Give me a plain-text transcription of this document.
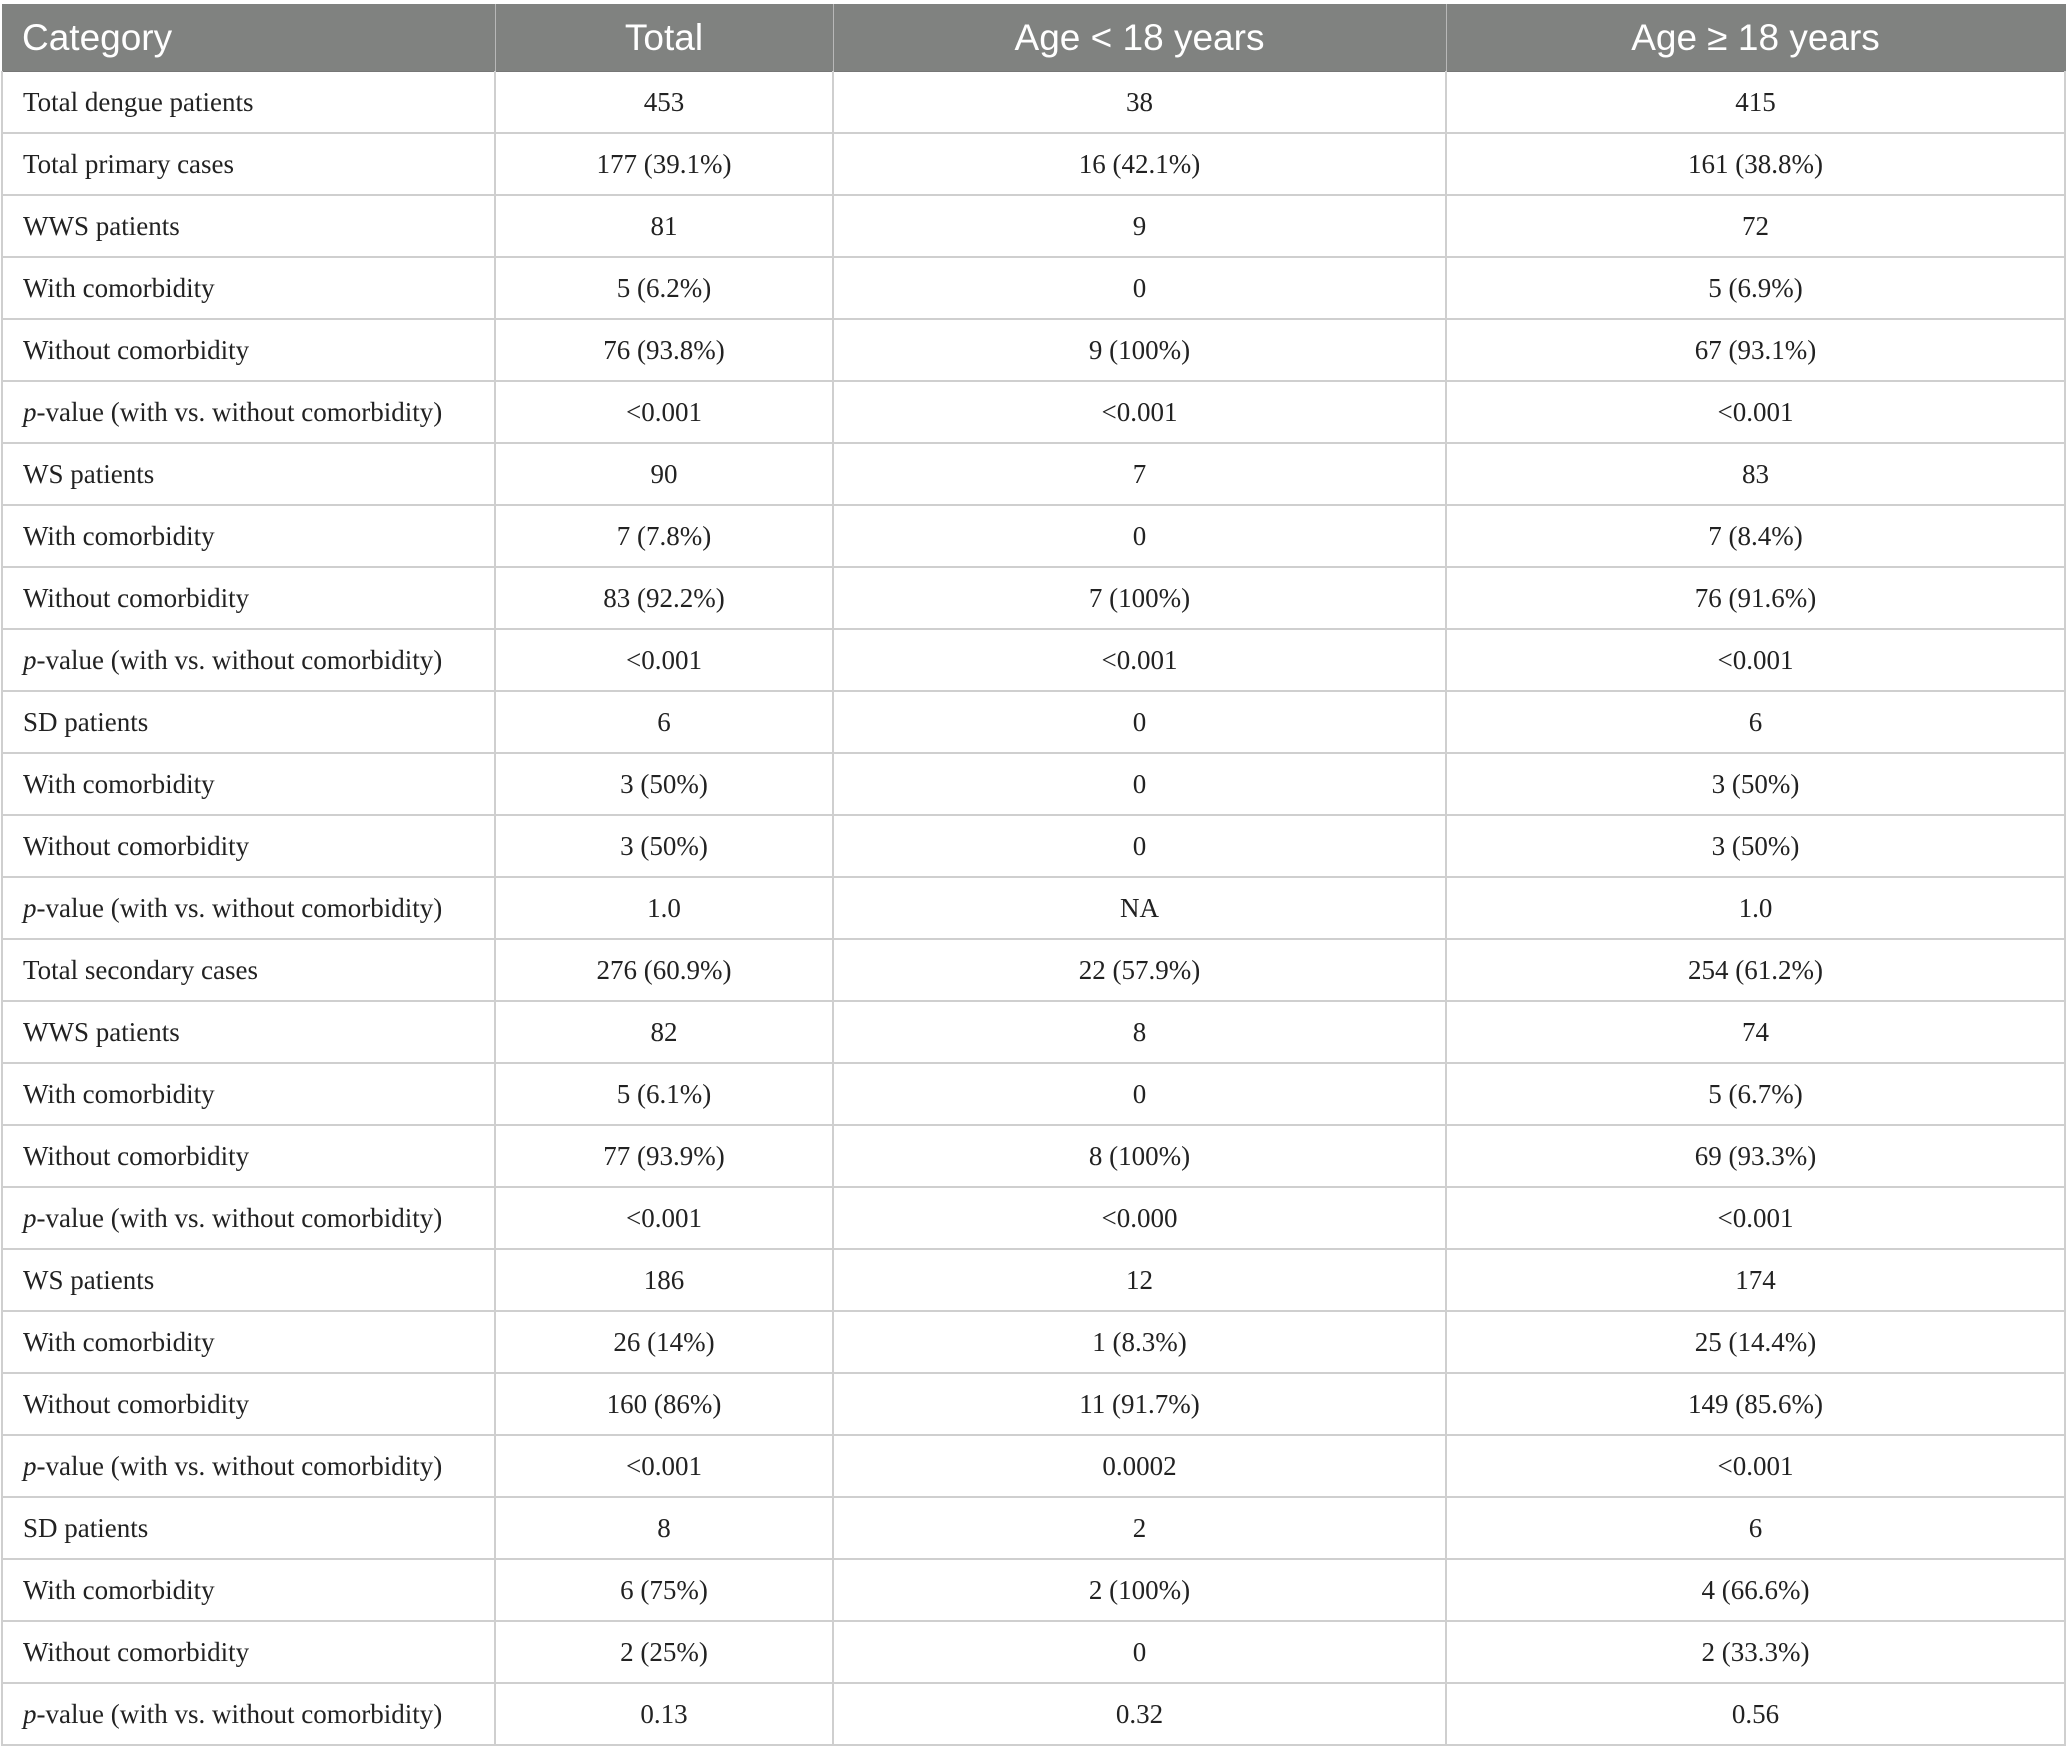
Category	Total	Age < 18 years	Age ≥ 18 years
Total dengue patients	453	38	415
Total primary cases	177 (39.1%)	16 (42.1%)	161 (38.8%)
WWS patients	81	9	72
With comorbidity	5 (6.2%)	0	5 (6.9%)
Without comorbidity	76 (93.8%)	9 (100%)	67 (93.1%)
p-value (with vs. without comorbidity)	<0.001	<0.001	<0.001
WS patients	90	7	83
With comorbidity	7 (7.8%)	0	7 (8.4%)
Without comorbidity	83 (92.2%)	7 (100%)	76 (91.6%)
p-value (with vs. without comorbidity)	<0.001	<0.001	<0.001
SD patients	6	0	6
With comorbidity	3 (50%)	0	3 (50%)
Without comorbidity	3 (50%)	0	3 (50%)
p-value (with vs. without comorbidity)	1.0	NA	1.0
Total secondary cases	276 (60.9%)	22 (57.9%)	254 (61.2%)
WWS patients	82	8	74
With comorbidity	5 (6.1%)	0	5 (6.7%)
Without comorbidity	77 (93.9%)	8 (100%)	69 (93.3%)
p-value (with vs. without comorbidity)	<0.001	<0.000	<0.001
WS patients	186	12	174
With comorbidity	26 (14%)	1 (8.3%)	25 (14.4%)
Without comorbidity	160 (86%)	11 (91.7%)	149 (85.6%)
p-value (with vs. without comorbidity)	<0.001	0.0002	<0.001
SD patients	8	2	6
With comorbidity	6 (75%)	2 (100%)	4 (66.6%)
Without comorbidity	2 (25%)	0	2 (33.3%)
p-value (with vs. without comorbidity)	0.13	0.32	0.56
